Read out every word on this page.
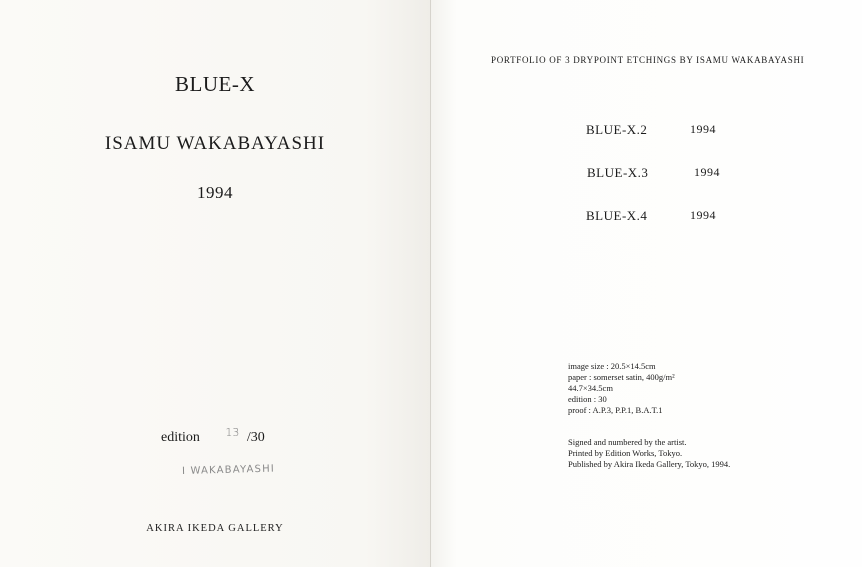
BLUE-X
ISAMU WAKABAYASHI
1994
edition $^{13}$ /30
I WAKABAYASHI
AKIRA IKEDA GALLERY
PORTFOLIO OF 3 DRYPOINT ETCHINGS BY ISAMU WAKABAYASHI
BLUE-X.2	1994
BLUE-X.3	1994
BLUE-X.4	1994
image size : 20.5×14.5cm
paper : somerset satin, 400g/m²
44.7×34.5cm
edition : 30
proof : A.P.3, P.P.1, B.A.T.1
Signed and numbered by the artist.
Printed by Edition Works, Tokyo.
Published by Akira Ikeda Gallery, Tokyo, 1994.
